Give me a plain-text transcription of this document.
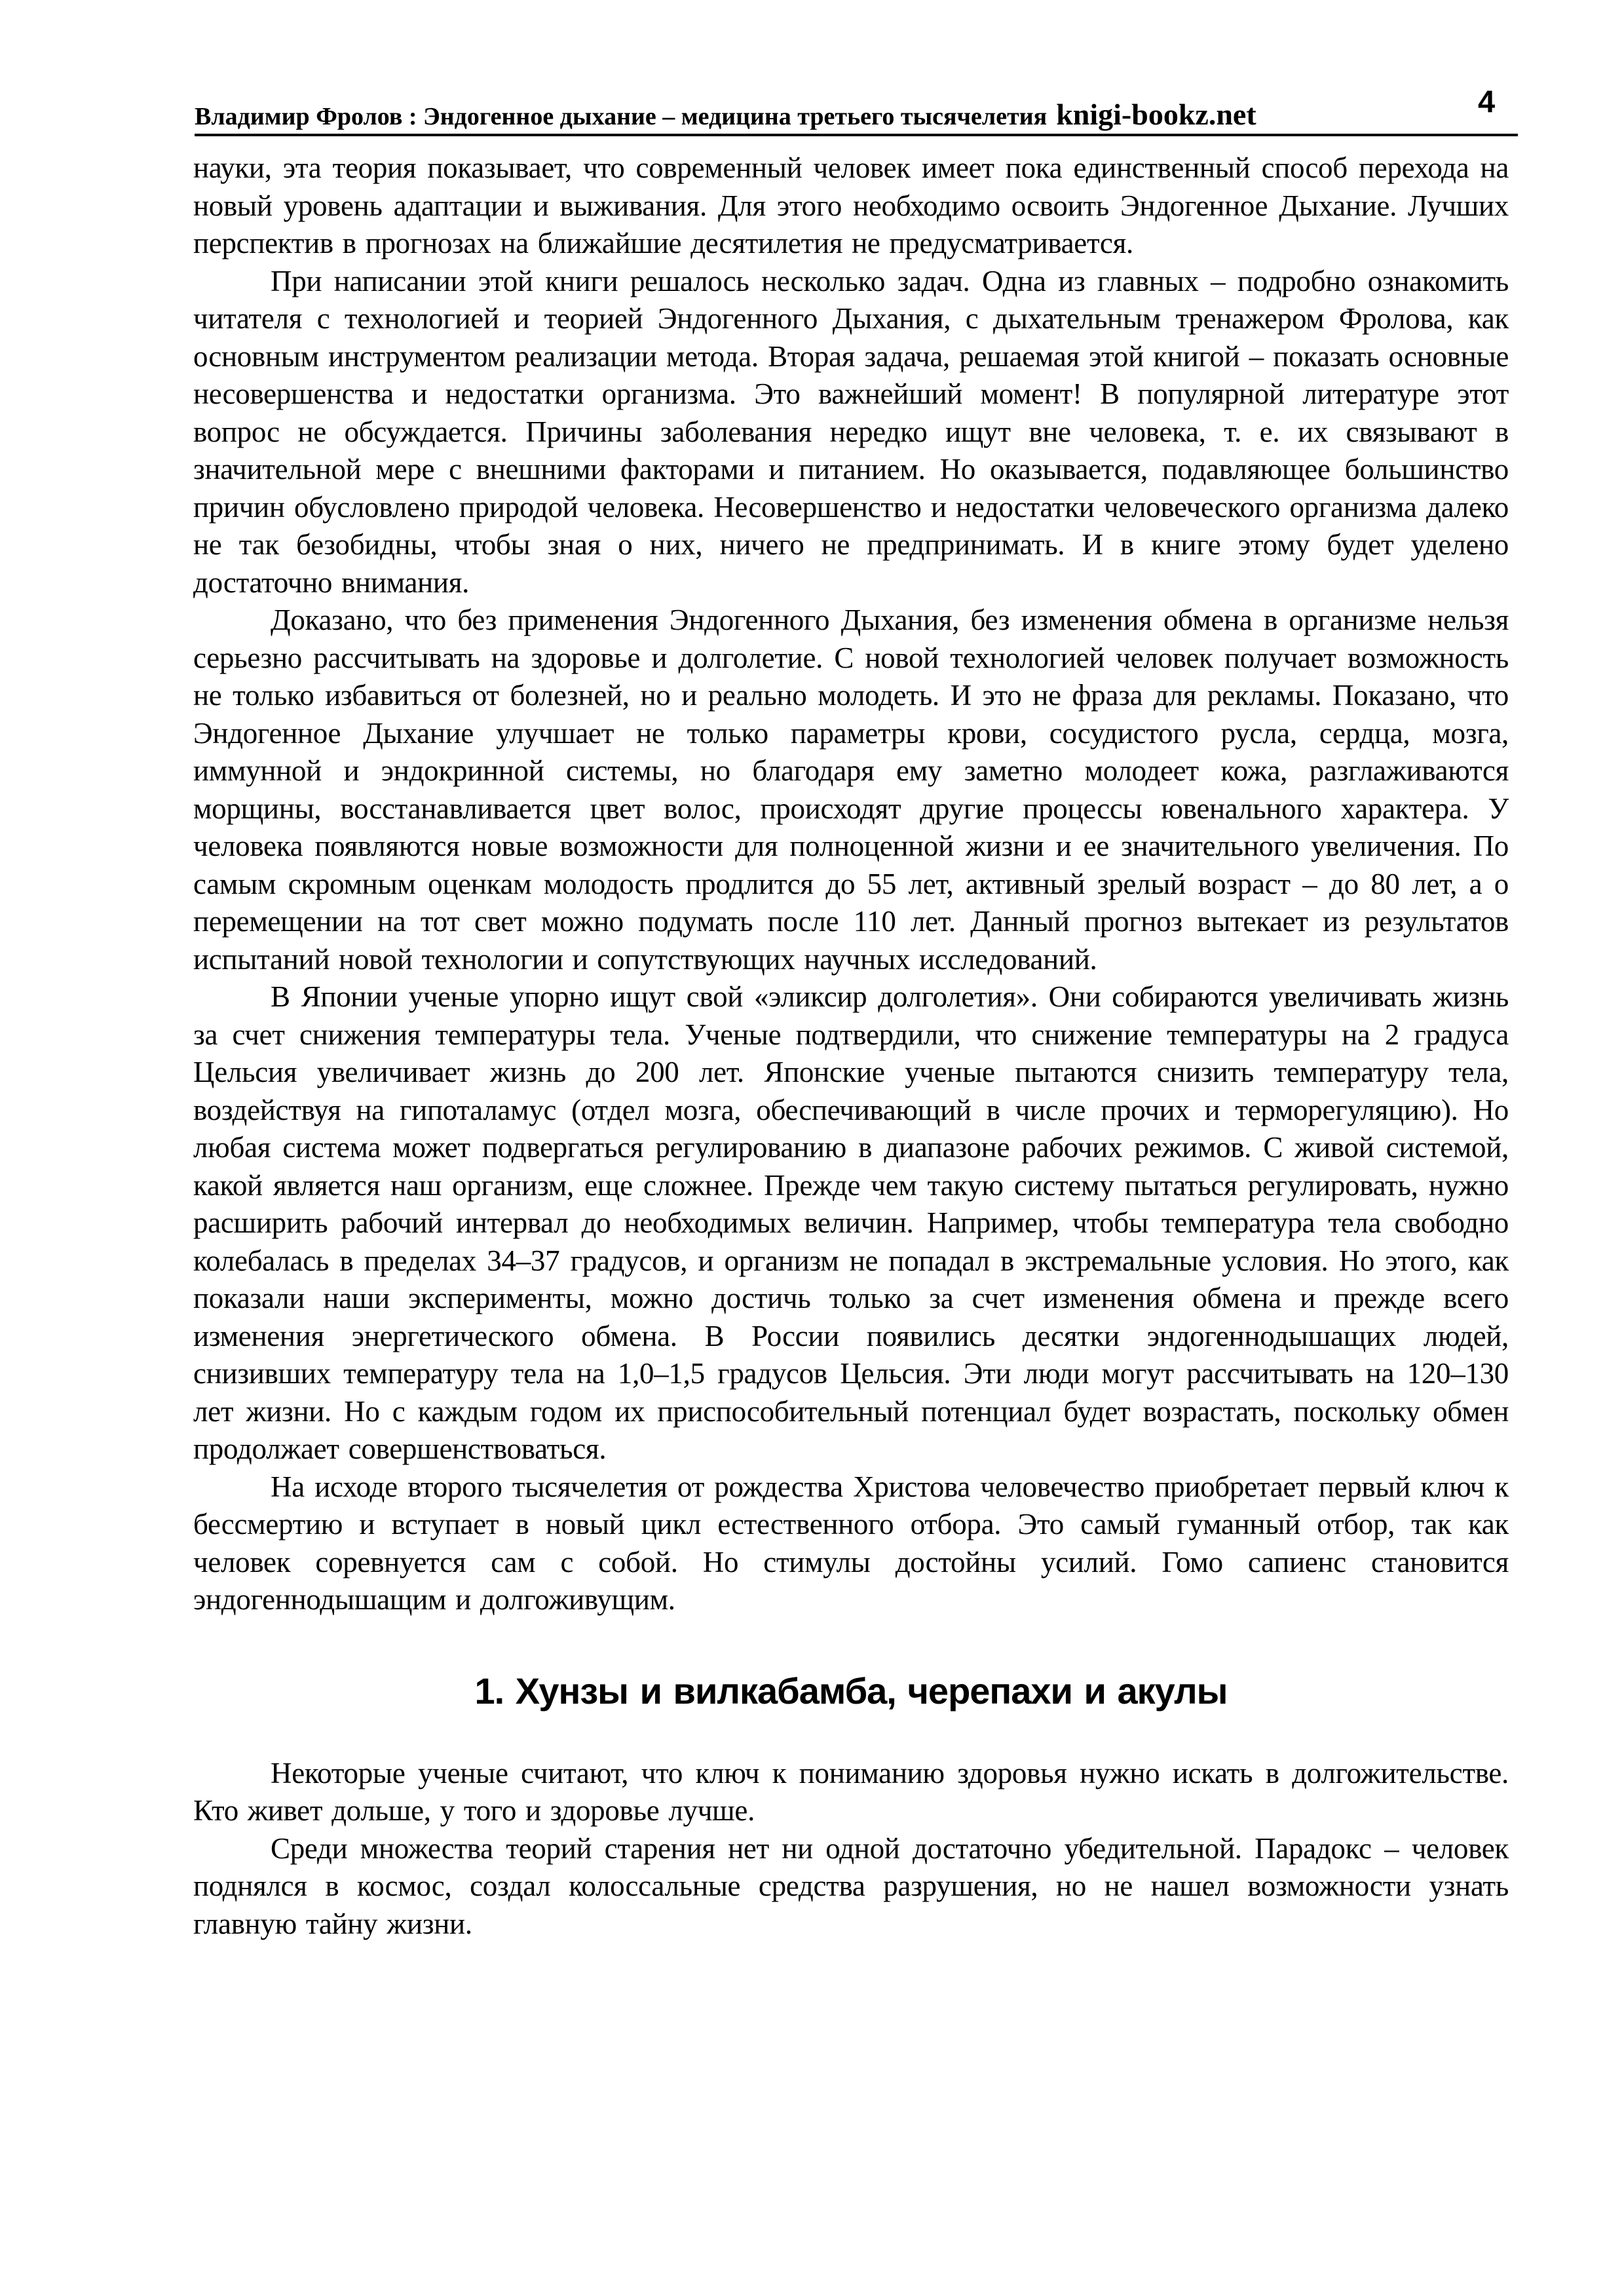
Владимир Фролов : Эндогенное дыхание – медицина третьего тысячелетия knigi-bookz.net	4

науки, эта теория показывает, что современный человек имеет пока единственный способ перехода на новый уровень адаптации и выживания. Для этого необходимо освоить Эндогенное Дыхание. Лучших перспектив в прогнозах на ближайшие десятилетия не предусматривается.

При написании этой книги решалось несколько задач. Одна из главных – подробно ознакомить читателя с технологией и теорией Эндогенного Дыхания, с дыхательным тренажером Фролова, как основным инструментом реализации метода. Вторая задача, решаемая этой книгой – показать основные несовершенства и недостатки организма. Это важнейший момент! В популярной литературе этот вопрос не обсуждается. Причины заболевания нередко ищут вне человека, т. е. их связывают в значительной мере с внешними факторами и питанием. Но оказывается, подавляющее большинство причин обусловлено природой человека. Несовершенство и недостатки человеческого организма далеко не так безобидны, чтобы зная о них, ничего не предпринимать. И в книге этому будет уделено достаточно внимания.

Доказано, что без применения Эндогенного Дыхания, без изменения обмена в организме нельзя серьезно рассчитывать на здоровье и долголетие. С новой технологией человек получает возможность не только избавиться от болезней, но и реально молодеть. И это не фраза для рекламы. Показано, что Эндогенное Дыхание улучшает не только параметры крови, сосудистого русла, сердца, мозга, иммунной и эндокринной системы, но благодаря ему заметно молодеет кожа, разглаживаются морщины, восстанавливается цвет волос, происходят другие процессы ювенального характера. У человека появляются новые возможности для полноценной жизни и ее значительного увеличения. По самым скромным оценкам молодость продлится до 55 лет, активный зрелый возраст – до 80 лет, а о перемещении на тот свет можно подумать после 110 лет. Данный прогноз вытекает из результатов испытаний новой технологии и сопутствующих научных исследований.

В Японии ученые упорно ищут свой «эликсир долголетия». Они собираются увеличивать жизнь за счет снижения температуры тела. Ученые подтвердили, что снижение температуры на 2 градуса Цельсия увеличивает жизнь до 200 лет. Японские ученые пытаются снизить температуру тела, воздействуя на гипоталамус (отдел мозга, обеспечивающий в числе прочих и терморегуляцию). Но любая система может подвергаться регулированию в диапазоне рабочих режимов. С живой системой, какой является наш организм, еще сложнее. Прежде чем такую систему пытаться регулировать, нужно расширить рабочий интервал до необходимых величин. Например, чтобы температура тела свободно колебалась в пределах 34–37 градусов, и организм не попадал в экстремальные условия. Но этого, как показали наши эксперименты, можно достичь только за счет изменения обмена и прежде всего изменения энергетического обмена. В России появились десятки эндогеннодышащих людей, снизивших температуру тела на 1,0–1,5 градусов Цельсия. Эти люди могут рассчитывать на 120–130 лет жизни. Но с каждым годом их приспособительный потенциал будет возрастать, поскольку обмен продолжает совершенствоваться.

На исходе второго тысячелетия от рождества Христова человечество приобретает первый ключ к бессмертию и вступает в новый цикл естественного отбора. Это самый гуманный отбор, так как человек соревнуется сам с собой. Но стимулы достойны усилий. Гомо сапиенс становится эндогеннодышащим и долгоживущим.

1. Хунзы и вилкабамба, черепахи и акулы

Некоторые ученые считают, что ключ к пониманию здоровья нужно искать в долгожительстве. Кто живет дольше, у того и здоровье лучше.

Среди множества теорий старения нет ни одной достаточно убедительной. Парадокс – человек поднялся в космос, создал колоссальные средства разрушения, но не нашел возможности узнать главную тайну жизни.
